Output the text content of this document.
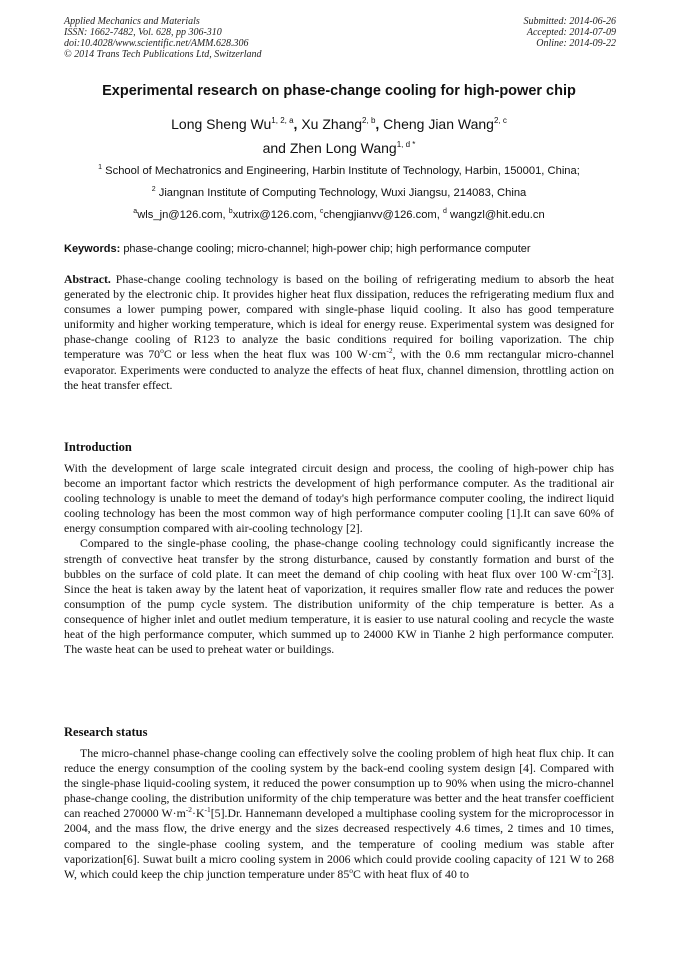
Applied Mechanics and Materials
ISSN: 1662-7482, Vol. 628, pp 306-310
doi:10.4028/www.scientific.net/AMM.628.306
© 2014 Trans Tech Publications Ltd, Switzerland
Submitted: 2014-06-26
Accepted: 2014-07-09
Online: 2014-09-22
Experimental research on phase-change cooling for high-power chip
Long Sheng Wu$^{1, 2, a}$, Xu Zhang$^{2, b}$, Cheng Jian Wang$^{2, c}$
and Zhen Long Wang$^{1, d *}$
$^1$ School of Mechatronics and Engineering, Harbin Institute of Technology, Harbin, 150001, China;
$^2$ Jiangnan Institute of Computing Technology, Wuxi Jiangsu, 214083, China
$^a$wls_jn@126.com, $^b$xutrix@126.com, $^c$chengjianvv@126.com, $^d$ wangzl@hit.edu.cn
Keywords: phase-change cooling; micro-channel; high-power chip; high performance computer

Abstract. Phase-change cooling technology is based on the boiling of refrigerating medium to absorb the heat generated by the electronic chip. It provides higher heat flux dissipation, reduces the refrigerating medium flux and consumes a lower pumping power, compared with single-phase liquid cooling. It also has good temperature uniformity and higher working temperature, which is ideal for energy reuse. Experimental system was designed for phase-change cooling of R123 to analyze the basic conditions required for boiling vaporization. The chip temperature was 70$^o$C or less when the heat flux was 100 $W\cdot cm^{-2}$, with the 0.6 mm rectangular micro-channel evaporator. Experiments were conducted to analyze the effects of heat flux, channel dimension, throttling action on the heat transfer effect.

Introduction

With the development of large scale integrated circuit design and process, the cooling of high-power chip has become an important factor which restricts the development of high performance computer. As the traditional air cooling technology is unable to meet the demand of today's high performance computer cooling, the indirect liquid cooling technology has been the most common way of high performance computer cooling [1].It can save 60% of energy consumption compared with air-cooling technology [2].

Compared to the single-phase cooling, the phase-change cooling technology could significantly increase the strength of convective heat transfer by the strong disturbance, caused by constantly formation and burst of the bubbles on the surface of cold plate. It can meet the demand of chip cooling with heat flux over 100 $W\cdot cm^{-2}[3]$. Since the heat is taken away by the latent heat of vaporization, it requires smaller flow rate and reduces the power consumption of the pump cycle system. The distribution uniformity of the chip temperature is better. As a consequence of higher inlet and outlet medium temperature, it is easier to use natural cooling and recycle the waste heat of the high performance computer, which summed up to 24000 KW in Tianhe 2 high performance computer. The waste heat can be used to preheat water or buildings.

Research status

The micro-channel phase-change cooling can effectively solve the cooling problem of high heat flux chip. It can reduce the energy consumption of the cooling system by the back-end cooling system design [4]. Compared with the single-phase liquid-cooling system, it reduced the power consumption up to 90% when using the micro-channel phase-change cooling, the distribution uniformity of the chip temperature was better and the heat transfer coefficient can reached 270000 $W\cdot m^{-2}\cdot K^{-1}[5].Dr$. Hannemann developed a multiphase cooling system for the microprocessor in 2004, and the mass flow, the drive energy and the sizes decreased respectively 4.6 times, 2 times and 10 times, compared to the single-phase cooling system, and the temperature of cooling medium was stable after vaporization[6]. Suwat built a micro cooling system in 2006 which could provide cooling capacity of 121 W to 268 W, which could keep the chip junction temperature under 85$^o$C with heat flux of 40 to
